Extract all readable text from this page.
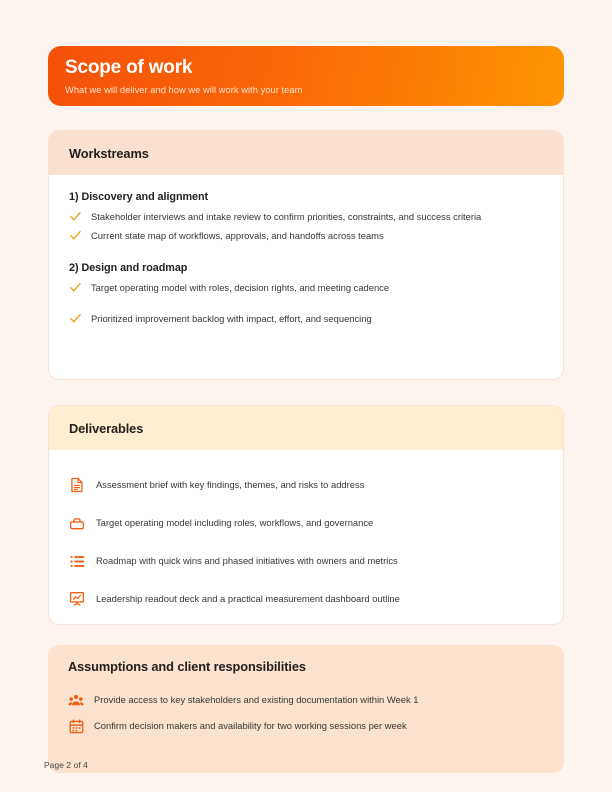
Scope of work
What we will deliver and how we will work with your team
Workstreams
1) Discovery and alignment
Stakeholder interviews and intake review to confirm priorities, constraints, and success criteria
Current state map of workflows, approvals, and handoffs across teams
2) Design and roadmap
Target operating model with roles, decision rights, and meeting cadence
Prioritized improvement backlog with impact, effort, and sequencing
Deliverables
Assessment brief with key findings, themes, and risks to address
Target operating model including roles, workflows, and governance
Roadmap with quick wins and phased initiatives with owners and metrics
Leadership readout deck and a practical measurement dashboard outline
Assumptions and client responsibilities
Provide access to key stakeholders and existing documentation within Week 1
Confirm decision makers and availability for two working sessions per week
Page 2 of 4
